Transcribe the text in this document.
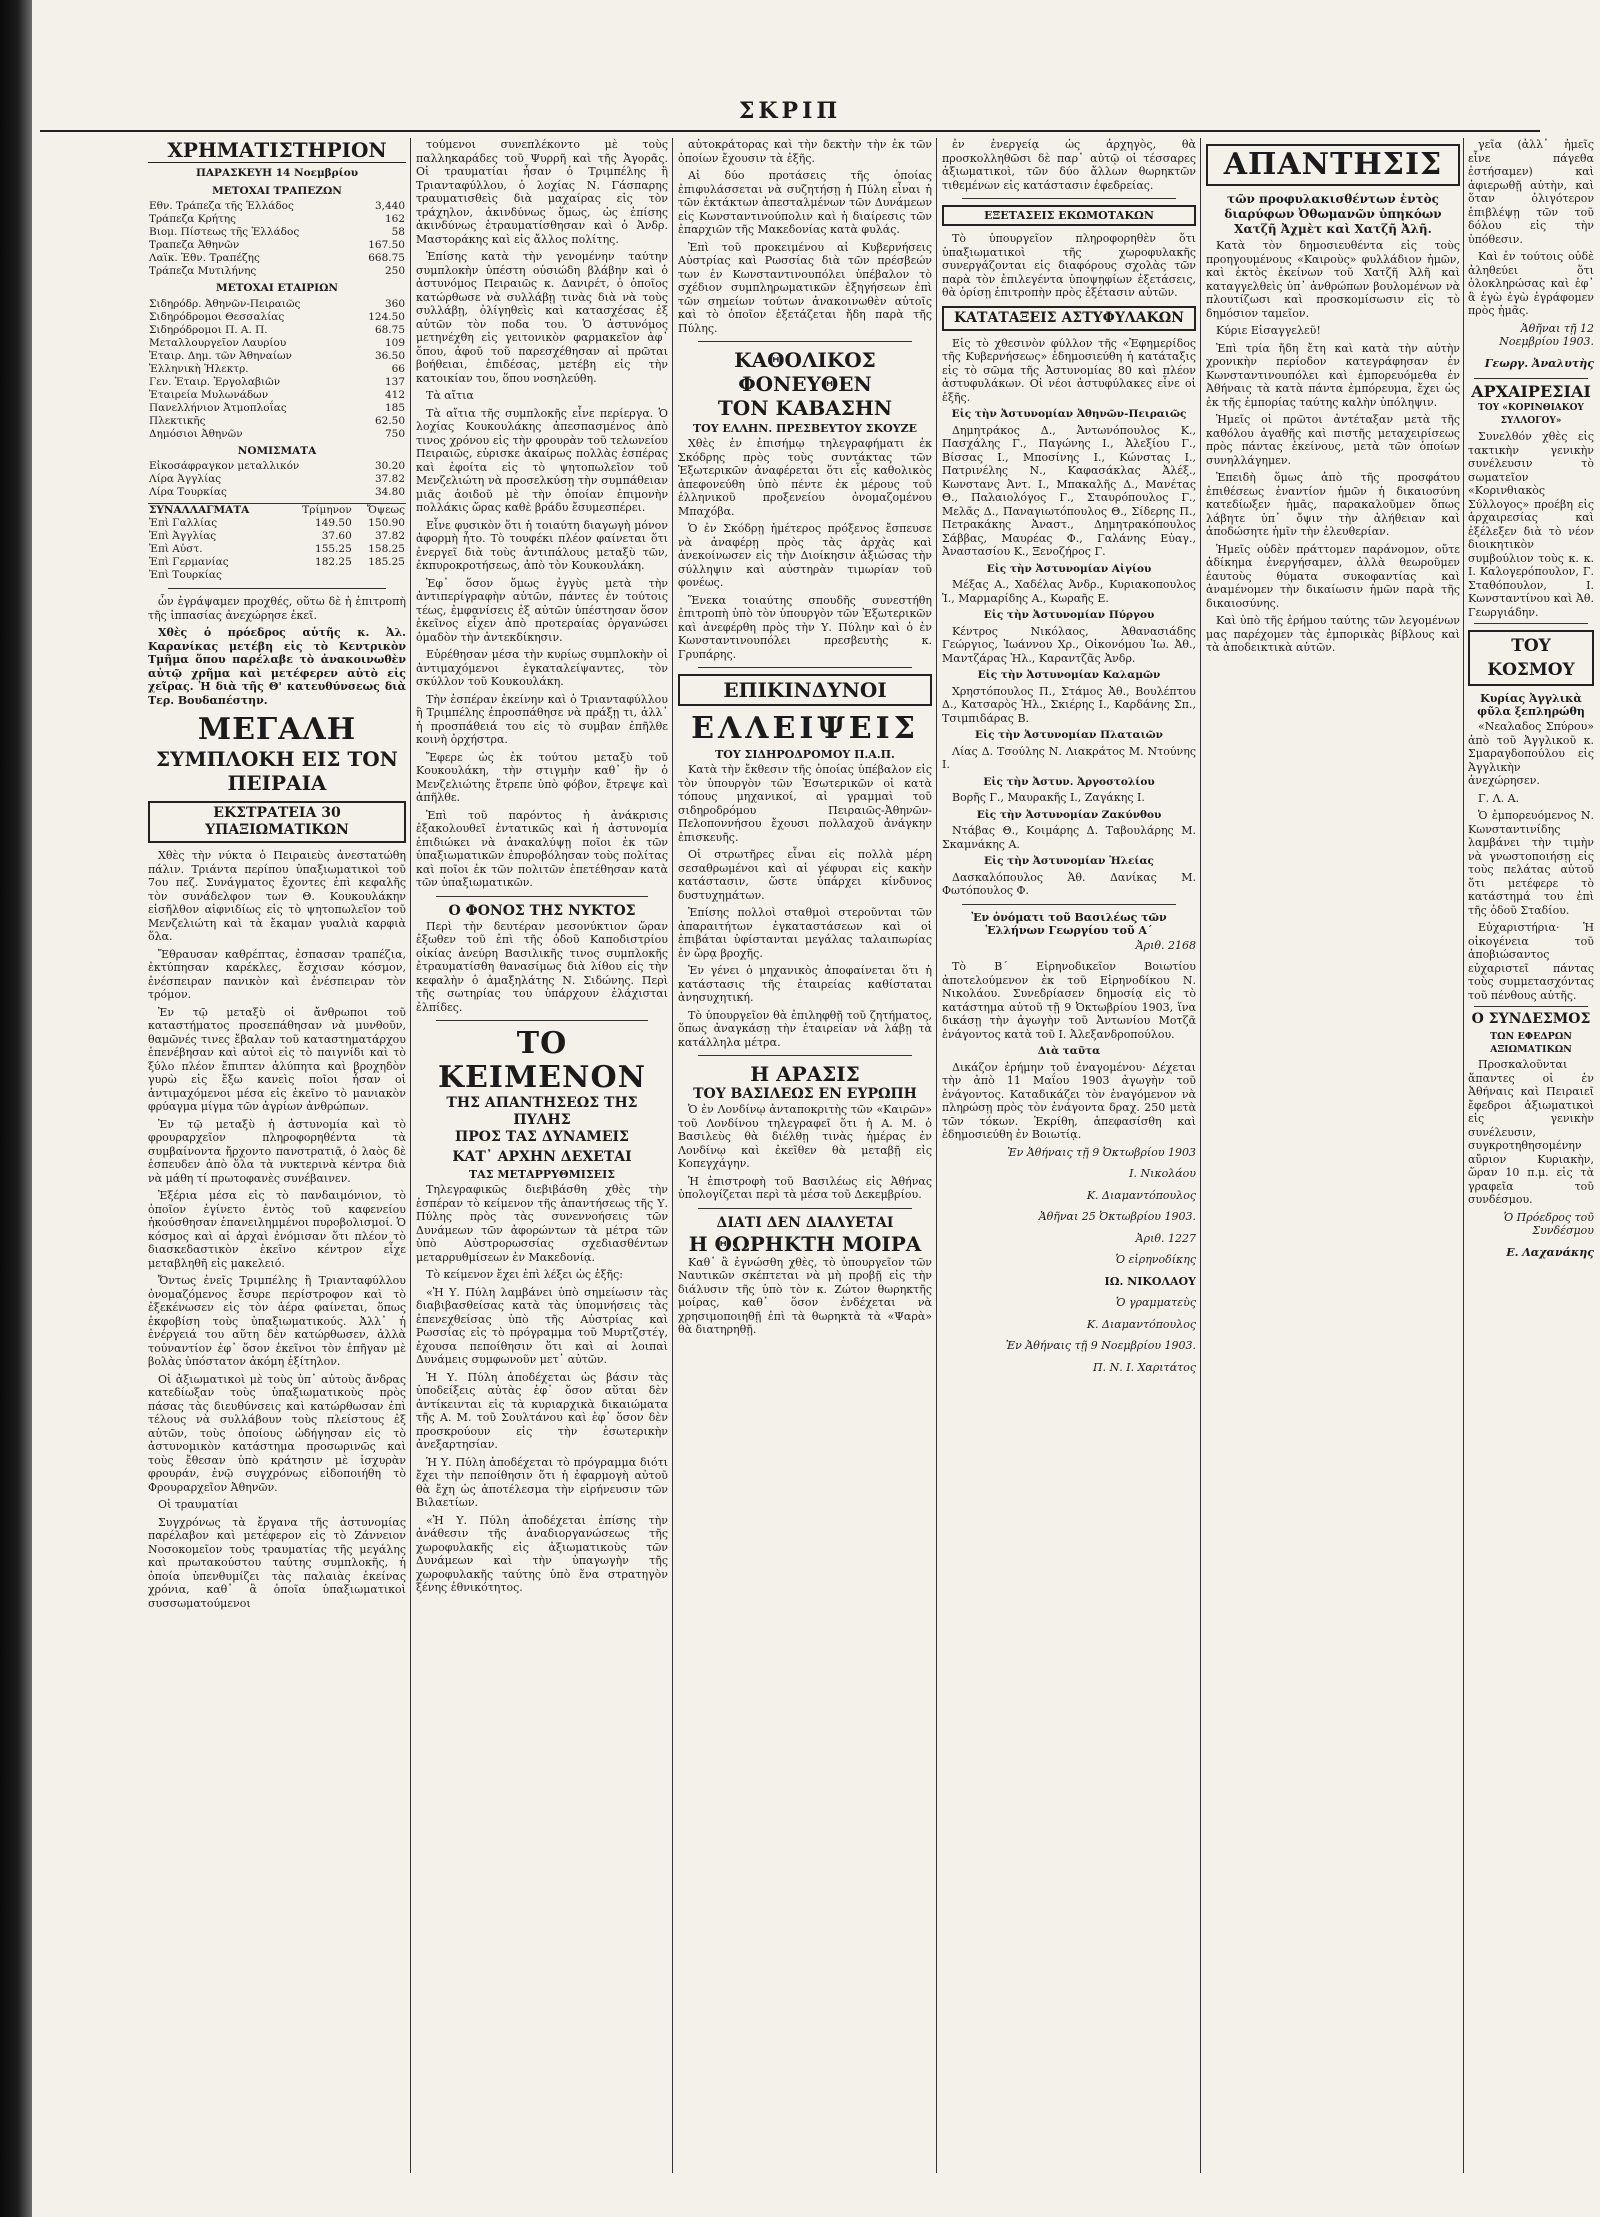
ΣΚΡΙΠ
ΧΡΗΜΑΤΙΣΤΗΡΙΟΝ
ΠΑΡΑΣΚΕΥΗ 14 Νοεμβρίου
ΜΕΤΟΧΑΙ ΤΡΑΠΕΖΩΝ
Εθν. Τράπεζα τῆς Ἑλλάδος	3,440
Τράπεζα Κρήτης	162
Βιομ. Πίστεως τῆς Ἑλλάδος	58
Τραπεζα Ἀθηνῶν	167.50
Λαϊκ. Ἐθν. Τραπέζης	668.75
Τράπεζα Μυτιλήνης	250
ΜΕΤΟΧΑΙ ΕΤΑΙΡΙΩΝ
Σιδηρόδρ. Ἀθηνῶν-Πειραιῶς	360
Σιδηρόδρομοι Θεσσαλίας	124.50
Σιδηρόδρομοι Π. Α. Π.	68.75
Μεταλλουργεῖον Λαυρίου	109
Ἑταιρ. Δημ. τῶν Ἀθηναίων	36.50
Ἑλληνικὴ Ἠλεκτρ.	66
Γεν. Ἑταιρ. Ἐργολαβιῶν	137
Ἑταιρεία Μυλωνάδων	412
Πανελλήνιον Ἀτμοπλοΐας	185
Πλεκτικῆς	62.50
Δημόσιοι Ἀθηνῶν	750
ΝΟΜΙΣΜΑΤΑ
Εἰκοσάφραγκον μεταλλικόν	30.20
Λίρα Ἀγγλίας	37.82
Λίρα Τουρκίας	34.80
ΣΥΝΑΛΛΑΓΜΑΤΑ	Τρίμηνον	Ὄψεως
Ἐπὶ Γαλλίας	149.50	150.90
Ἐπὶ Ἀγγλίας	37.60	37.82
Ἐπὶ Αὐστ.	155.25	158.25
Ἐπὶ Γερμανίας	182.25	185.25
Ἐπὶ Τουρκίας		

ὧν ἐγράψαμεν προχθές, οὕτω δὲ ἡ ἐπιτροπὴ τῆς ἱππασίας ἀνεχώρησε ἐκεῖ.

Χθὲς ὁ πρόεδρος αὐτῆς κ. Ἀλ. Καρανίκας μετέβη εἰς τὸ Κεντρικὸν Τμῆμα ὅπου παρέλαβε τὸ ἀνακοινωθὲν αὐτῷ χρῆμα καὶ μετέφερεν αὐτὸ εἰς χεῖρας. Ἡ διὰ τῆς Θ' κατευθύνσεως διὰ Τερ. Βουδαπέστην.

ΜΕΓΑΛΗ
ΣΥΜΠΛΟΚΗ ΕΙΣ ΤΟΝ ΠΕΙΡΑΙΑ
ΕΚΣΤΡΑΤΕΙΑ 30 ΥΠΑΞΙΩΜΑΤΙΚΩΝ

Χθὲς τὴν νύκτα ὁ Πειραιεὺς ἀνεστατώθη πάλιν. Τριάντα περίπου ὑπαξιωματικοὶ τοῦ 7ου πεζ. Συνάγματος ἔχοντες ἐπὶ κεφαλῆς τὸν συνάδελφον των Θ. Κουκουλάκην εἰσῆλθον αἰφνιδίως εἰς τὸ ψητοπωλεῖον τοῦ Μενζελιώτη καὶ τὰ ἔκαμαν γυαλιὰ καρφιὰ ὅλα.

Ἔθραυσαν καθρέπτας, ἐσπασαν τραπέζια, ἐκτύπησαν καρέκλες, ἔσχισαν κόσμον, ἐνέσπειραν πανικὸν καὶ ἐνέσπειραν τὸν τρόμον.

Ἐν τῷ μεταξὺ οἱ ἄνθρωποι τοῦ καταστήματος προσεπάθησαν νὰ μυνθοῦν, θαμῶνές τινες ἔβαλαν τοῦ καταστηματάρχου ἐπενέβησαν καὶ αὐτοὶ εἰς τὸ παιγνίδι καὶ τὸ ξύλο πλέον ἔπιπτεν ἀλύπητα καὶ βροχηδὸν γυρὼ εἰς ἔξω κανεὶς ποῖοι ἦσαν οἱ ἀντιμαχόμενοι μέσα εἰς ἐκεῖνο τὸ μανιακὸν φρύαγμα μίγμα τῶν ἀγρίων ἀνθρώπων.

Ἐν τῷ μεταξὺ ἡ ἀστυνομία καὶ τὸ φρουραρχεῖον πληροφορηθέντα τὰ συμβαίνοντα ἤρχοντο πανστρατιᾷ, ὁ λαὸς δὲ ἐσπευδεν ἀπὸ ὅλα τὰ νυκτερινὰ κέντρα διὰ νὰ μάθη τί πρωτοφανὲς συνέβαινεν.

Ἐξέρια μέσα εἰς τὸ πανδαιμόνιον, τὸ ὁποῖον ἐγίνετο ἐντὸς τοῦ καφενείου ἠκούσθησαν ἐπανειλημμένοι πυροβολισμοί. Ὁ κόσμος καὶ αἱ ἀρχαὶ ἐνόμισαν ὅτι πλέον τὸ διασκεδαστικὸν ἐκεῖνο κέντρον εἶχε μεταβληθῆ εἰς μακελειό.

Ὄντως ἐνεῖς Τριμπέλης ἢ Τριανταφύλλου ὀνομαζόμενος ἔσυρε περίστροφον καὶ τὸ ἐξεκένωσεν εἰς τὸν ἀέρα φαίνεται, ὅπως ἐκφοβίση τοὺς ὑπαξιωματικούς. Ἀλλ᾽ ἡ ἐνέργειά του αὕτη δὲν κατώρθωσεν, ἀλλὰ τοὐναντίον ἐφ᾽ ὅσον ἐκεῖνοι τὸν ἐπῆγαν μὲ βολὰς ὑπόστατον ἀκόμη ἐξίτηλον.

Οἱ ἀξιωματικοὶ μὲ τοὺς ὑπ᾽ αὐτοὺς ἄνδρας κατεδίωξαν τοὺς ὑπαξιωματικοὺς πρὸς πάσας τὰς διευθύνσεις καὶ κατώρθωσαν ἐπὶ τέλους νὰ συλλάβουν τοὺς πλείστους ἐξ αὐτῶν, τοὺς ὁποίους ὡδήγησαν εἰς τὸ ἀστυνομικὸν κατάστημα προσωρινῶς καὶ τοὺς ἔθεσαν ὑπὸ κράτησιν μὲ ἰσχυρὰν φρουράν, ἐνῷ συγχρόνως εἰδοποιήθη τὸ Φρουραρχεῖον Ἀθηνῶν.

Οἱ τραυματίαι

Συγχρόνως τὰ ἔργανα τῆς ἀστυνομίας παρέλαβον καὶ μετέφερον εἰς τὸ Ζάννειον Νοσοκομεῖον τοὺς τραυματίας τῆς μεγάλης καὶ πρωτακούστου ταύτης συμπλοκῆς, ἡ ὁποία ὑπενθυμίζει τὰς παλαιὰς ἐκείνας χρόνια, καθ᾽ ἃ ὁποῖα ὑπαξιωματικοὶ συσσωματούμενοι

τούμενοι συνεπλέκοντο μὲ τοὺς παλληκαράδες τοῦ Ψυρρῆ καὶ τῆς Ἀγορᾶς. Οἱ τραυματίαι ἦσαν ὁ Τριμπέλης ἢ Τριανταφύλλου, ὁ λοχίας Ν. Γάσπαρης τραυματισθεὶς διὰ μαχαίρας εἰς τὸν τράχηλον, ἀκινδύνως ὅμως, ὡς ἐπίσης ἀκινδύνως ἐτραυματίσθησαν καὶ ὁ Ἀνδρ. Μαστοράκης καὶ εἰς ἄλλος πολίτης.

Ἐπίσης κατὰ τὴν γενομένην ταύτην συμπλοκὴν ὑπέστη οὐσιώδη βλάβην καὶ ὁ ἀστυνόμος Πειραιῶς κ. Δανιρέτ, ὁ ὁποῖος κατώρθωσε νὰ συλλάβῃ τινὰς διὰ νὰ τοὺς συλλάβῃ, ὀλίγηθεὶς καὶ κατασχέσας ἐξ αὐτῶν τὸν ποδα του. Ὁ ἀστυνόμος μετηνέχθη εἰς γειτονικὸν φαρμακεῖον ἀφ᾽ ὅπου, ἀφοῦ τοῦ παρεσχέθησαν αἱ πρῶται βοήθειαι, ἐπιδέσας, μετέβη εἰς τὴν κατοικίαν του, ὅπου νοσηλεύθη.

Τὰ αἴτια

Τὰ αἴτια τῆς συμπλοκῆς εἶνε περίεργα. Ὁ λοχίας Κουκουλάκης ἀπεσπασμένος ἀπὸ τινος χρόνου εἰς τὴν φρουρὰν τοῦ τελωνείου Πειραιῶς, εὑρισκε ἀκαίρως πολλὰς ἐσπέρας καὶ ἐφοίτα εἰς τὸ ψητοπωλεῖον τοῦ Μενζελιώτη νὰ προσελκύσῃ τὴν συμπάθειαν μιᾶς ἀοιδοῦ μὲ τὴν ὁποίαν ἐπιμονὴν πολλάκις ὥρας καθὲ βράδυ ἔσυμεσπέρει.

Εἶνε φυσικὸν ὅτι ἡ τοιαύτη διαγωγὴ μόνον ἀφορμὴ ἦτο. Τὸ τουφέκι πλέον φαίνεται ὅτι ἐνεργεῖ διὰ τοὺς ἀντιπάλους μεταξὺ τῶν, ἐκπυροκροτήσεως, ἀπὸ τὸν Κουκουλάκη.

Ἐφ᾽ ὅσον ὅμως ἐγγὺς μετὰ τὴν ἀντιπερίγραφὴν αὐτῶν, πάντες ἐν τούτοις τέως, ἐμφανίσεις ἐξ αὐτῶν ὑπέστησαν ὅσον ἐκεῖνος εἶχεν ἀπὸ προτεραίας ὀργανώσει ὁμαδὸν τὴν ἀντεκδίκησιν.

Εὑρέθησαν μέσα τὴν κυρίως συμπλοκὴν οἱ ἀντιμαχόμενοι ἐγκαταλείψαντες, τὸν σκύλλον τοῦ Κουκουλάκη.

Τὴν ἐσπέραν ἐκείνην καὶ ὁ Τριανταφύλλου ἢ Τριμπέλης ἐπροσπάθησε νὰ πράξῃ τι, ἀλλ᾽ ἡ προσπάθειά του εἰς τὸ συμβαν ἐπῆλθε κοινὴ ὀρχήστρα.

Ἔφερε ὡς ἐκ τούτου μεταξὺ τοῦ Κουκουλάκη, τὴν στιγμὴν καθ᾽ ἣν ὁ Μενζελιώτης ἔτρεπε ὑπὸ φόβον, ἔτρεψε καὶ ἀπῆλθε.

Ἐπὶ τοῦ παρόντος ἡ ἀνάκρισις ἐξακολουθεῖ ἐντατικῶς καὶ ἡ ἀστυνομία ἐπιδιώκει νὰ ἀνακαλύψῃ ποῖοι ἐκ τῶν ὑπαξιωματικῶν ἐπυροβόλησαν τοὺς πολίτας καὶ ποῖοι ἐκ τῶν πολιτῶν ἐπετέθησαν κατὰ τῶν ὑπαξιωματικῶν.

Ο ΦΟΝΟΣ ΤΗΣ ΝΥΚΤΟΣ

Περὶ τὴν δευτέραν μεσονύκτιον ὥραν ἐξωθεν τοῦ ἐπὶ τῆς ὁδοῦ Καποδιστρίου οἰκίας ἀνεύρη Βασιλικῆς τινος συμπλοκῆς ἐτραυματίσθη θανασίμως διὰ λίθου εἰς τὴν κεφαλὴν ὁ ἀμαξηλάτης Ν. Σιδώνης. Περὶ τῆς σωτηρίας του ὑπάρχουν ἐλάχισται ἐλπίδες.

ΤΟ ΚΕΙΜΕΝΟΝ
ΤΗΣ ΑΠΑΝΤΗΣΕΩΣ ΤΗΣ ΠΥΛΗΣ
ΠΡΟΣ ΤΑΣ ΔΥΝΑΜΕΙΣ
ΚΑΤ᾽ ΑΡΧΗΝ ΔΕΧΕΤΑΙ
ΤΑΣ ΜΕΤΑΡΡΥΘΜΙΣΕΙΣ

Τηλεγραφικῶς διεβιβάσθη χθὲς τὴν ἑσπέραν τὸ κείμενον τῆς ἀπαντήσεως τῆς Υ. Πύλης πρὸς τὰς συνεννοήσεις τῶν Δυνάμεων τῶν ἀφορώντων τὰ μέτρα τῶν ὑπὸ Αὐστρορωσσίας σχεδιασθέντων μεταρρυθμίσεων ἐν Μακεδονίᾳ.

Τὸ κείμενον ἔχει ἐπὶ λέξει ὡς ἑξῆς:

«Ἡ Υ. Πύλη λαμβάνει ὑπὸ σημείωσιν τὰς διαβιβασθείσας κατὰ τὰς ὑπομνήσεις τὰς ἐπενεχθείσας ὑπὸ τῆς Αὐστρίας καὶ Ρωσσίας εἰς τὸ πρόγραμμα τοῦ Μυρτζστέγ, ἐχουσα πεποίθησιν ὅτι καὶ αἱ λοιπαὶ Δυνάμεις συμφωνοῦν μετ᾽ αὐτῶν.

Ἡ Υ. Πύλη ἀποδέχεται ὡς βάσιν τὰς ὑποδείξεις αὐτὰς ἐφ᾽ ὅσον αὕται δὲν ἀντίκεινται εἰς τὰ κυριαρχικὰ δικαιώματα τῆς Α. Μ. τοῦ Σουλτάνου καὶ ἐφ᾽ ὅσον δὲν προσκρούουν εἰς τὴν ἐσωτερικὴν ἀνεξαρτησίαν.

Ἡ Υ. Πύλη ἀποδέχεται τὸ πρόγραμμα διότι ἔχει τὴν πεποίθησιν ὅτι ἡ ἐφαρμογὴ αὐτοῦ θὰ ἔχη ὡς ἀποτέλεσμα τὴν εἰρήνευσιν τῶν Βιλαετίων.

«Ἡ Υ. Πύλη ἀποδέχεται ἐπίσης τὴν ἀνάθεσιν τῆς ἀναδιοργανώσεως τῆς χωροφυλακῆς εἰς ἀξιωματικοὺς τῶν Δυνάμεων καὶ τὴν ὑπαγωγὴν τῆς χωροφυλακῆς ταύτης ὑπὸ ἕνα στρατηγὸν ξένης ἐθνικότητος.

αὐτοκράτορας καὶ τὴν δεκτὴν τὴν ἐκ τῶν ὁποίων ἔχουσιν τὰ ἐξῆς.

Αἱ δύο προτάσεις τῆς ὁποίας ἐπιφυλάσσεται νὰ συζητήσῃ ἡ Πύλη εἶναι ἡ τῶν ἐκτάκτων ἀπεσταλμένων τῶν Δυνάμεων εἰς Κωνσταντινούπολιν καὶ ἡ διαίρεσις τῶν ἐπαρχιῶν τῆς Μακεδονίας κατὰ φυλάς.

Ἐπὶ τοῦ προκειμένου αἱ Κυβερνήσεις Αὐστρίας καὶ Ρωσσίας διὰ τῶν πρέσβεών των ἐν Κωνσταντινουπόλει ὑπέβαλον τὸ σχέδιον συμπληρωματικῶν ἐξηγήσεων ἐπὶ τῶν σημείων τούτων ἀνακοινωθὲν αὐτοῖς καὶ τὸ ὁποῖον ἐξετάζεται ἤδη παρὰ τῆς Πύλης.

ΚΑΘΟΛΙΚΟΣ ΦΟΝΕΥΘΕΝ
ΤΟΝ ΚΑΒΑΣΗΝ
ΤΟΥ ΕΛΛΗΝ. ΠΡΕΣΒΕΥΤΟΥ ΣΚΟΥΖΕ

Χθὲς ἐν ἐπισήμῳ τηλεγραφήματι ἐκ Σκόδρης πρὸς τοὺς συντάκτας τῶν Ἐξωτερικῶν ἀναφέρεται ὅτι εἷς καθολικὸς ἀπεφονεύθη ὑπὸ πέντε ἐκ μέρους τοῦ ἐλληνικοῦ προξενείου ὀνομαζομένου Μπαχόβα.

Ὁ ἐν Σκόδρῃ ἡμέτερος πρόξενος ἔσπευσε νὰ ἀναφέρῃ πρὸς τὰς ἀρχὰς καὶ ἀνεκοίνωσεν εἰς τὴν Διοίκησιν ἀξιώσας τὴν σύλληψιν καὶ αὐστηρὰν τιμωρίαν τοῦ φονέως.

Ἕνεκα τοιαύτης σπουδῆς συνεστήθη ἐπιτροπὴ ὑπὸ τὸν ὑπουργὸν τῶν Ἐξωτερικῶν καὶ ἀνεφέρθη πρὸς τὴν Υ. Πύλην καὶ ὁ ἐν Κωνσταντινουπόλει πρεσβευτὴς κ. Γρυπάρης.

ΕΠΙΚΙΝΔΥΝΟΙ
ΕΛΛΕΙΨΕΙΣ
ΤΟΥ ΣΙΔΗΡΟΔΡΟΜΟΥ Π.Α.Π.

Κατὰ τὴν ἔκθεσιν τῆς ὁποίας ὑπέβαλον εἰς τὸν ὑπουργὸν τῶν Ἐσωτερικῶν οἱ κατὰ τόπους μηχανικοί, αἱ γραμμαὶ τοῦ σιδηροδρόμου Πειραιῶς-Ἀθηνῶν-Πελοποννήσου ἔχουσι πολλαχοῦ ἀνάγκην ἐπισκευῆς.

Οἱ στρωτῆρες εἶναι εἰς πολλὰ μέρη σεσαθρωμένοι καὶ αἱ γέφυραι εἰς κακὴν κατάστασιν, ὥστε ὑπάρχει κίνδυνος δυστυχημάτων.

Ἐπίσης πολλοὶ σταθμοὶ στεροῦνται τῶν ἀπαραιτήτων ἐγκαταστάσεων καὶ οἱ ἐπιβάται ὑφίστανται μεγάλας ταλαιπωρίας ἐν ὥρᾳ βροχῆς.

Ἐν γένει ὁ μηχανικὸς ἀποφαίνεται ὅτι ἡ κατάστασις τῆς ἐταιρείας καθίσταται ἀνησυχητική.

Τὸ ὑπουργεῖον θὰ ἐπιληφθῇ τοῦ ζητήματος, ὅπως ἀναγκάσῃ τὴν ἑταιρείαν νὰ λάβῃ τὰ κατάλληλα μέτρα.

Η ΑΡΑΣΙΣ
ΤΟΥ ΒΑΣΙΛΕΩΣ ΕΝ ΕΥΡΩΠΗ

Ὁ ἐν Λονδίνῳ ἀνταποκριτὴς τῶν «Καιρῶν» τοῦ Λονδίνου τηλεγραφεῖ ὅτι ἡ Α. Μ. ὁ Βασιλεὺς θὰ διέλθῃ τινὰς ἡμέρας ἐν Λονδίνῳ καὶ ἐκεῖθεν θὰ μεταβῇ εἰς Κοπεγχάγην.

Ἡ ἐπιστροφὴ τοῦ Βασιλέως εἰς Ἀθήνας ὑπολογίζεται περὶ τὰ μέσα τοῦ Δεκεμβρίου.

ΔΙΑΤΙ ΔΕΝ ΔΙΑΛΥΕΤΑΙ
Η ΘΩΡΗΚΤΗ ΜΟΙΡΑ

Καθ᾽ ἃ ἐγνώσθη χθὲς, τὸ ὑπουργεῖον τῶν Ναυτικῶν σκέπτεται νὰ μὴ προβῇ εἰς τὴν διάλυσιν τῆς ὑπὸ τὸν κ. Ζώτον θωρηκτῆς μοίρας, καθ᾽ ὅσον ἐνδέχεται νὰ χρησιμοποιηθῇ ἐπὶ τὰ θωρηκτὰ τὰ «Ψαρὰ» θὰ διατηρηθῇ.

ἐν ἐνεργείᾳ ὡς ἀρχηγὸς, θὰ προσκολληθῶσι δὲ παρ᾽ αὐτῷ οἱ τέσσαρες ἀξιωματικοὶ, τῶν δύο ἄλλων θωρηκτῶν τιθεμένων εἰς κατάστασιν ἐφεδρείας.

ΕΞΕΤΑΣΕΙΣ ΕΚΩΜΟΤΑΚΩΝ

Τὸ ὑπουργεῖον πληροφορηθὲν ὅτι ὑπαξιωματικοὶ τῆς χωροφυλακῆς συνεργάζονται εἰς διαφόρους σχολὰς τῶν παρὰ τὸν ἐπιλεγέντα ὑποψηφίων ἐξετάσεις, θὰ ὁρίσῃ ἐπιτροπὴν πρὸς ἐξέτασιν αὐτῶν.

ΚΑΤΑΤΑΞΕΙΣ ΑΣΤΥΦΥΛΑΚΩΝ

Εἰς τὸ χθεσινὸν φύλλον τῆς «Ἐφημερίδος τῆς Κυβερνήσεως» ἐδημοσιεύθη ἡ κατάταξις εἰς τὸ σῶμα τῆς Ἀστυνομίας 80 καὶ πλέον ἀστυφυλάκων. Οἱ νέοι ἀστυφύλακες εἶνε οἱ ἑξῆς.

Εἰς τὴν Ἀστυνομίαν Ἀθηνῶν-Πειραιῶς

Δημητράκος Δ., Ἀντωνόπουλος Κ., Πασχάλης Γ., Παγώνης Ι., Ἀλεξίου Γ., Βίσσας Ι., Μποσίνης Ι., Κώνστας Ι., Πατρινέλης Ν., Καφασάκλας Ἀλέξ., Κωνστανς Ἀντ. Ι., Μπακαλῆς Δ., Μανέτας Θ., Παλαιολόγος Γ., Σταυρόπουλος Γ., Μελᾶς Δ., Παναγιωτόπουλος Θ., Σίδερης Π., Πετρακάκης Ἀναστ., Δημητρακόπουλος Σάββας, Μαυρέας Φ., Γαλάνης Εὐαγ., Ἀναστασίου Κ., Ξενοζήρος Γ.

Εἰς τὴν Ἀστυνομίαν Αἰγίου

Μέξας Α., Χαδέλας Ἀνδρ., Κυριακοπουλος Ἰ., Μαρμαρίδης Α., Κωραῆς Ε.

Εἰς τὴν Ἀστυνομίαν Πύργου

Κέντρος Νικόλαος, Ἀθανασιάδης Γεώργιος, Ἰωάννου Χρ., Οἰκονόμου Ἰω. Ἀθ., Μαντζάρας Ἠλ., Καραντζᾶς Ἀνδρ.

Εἰς τὴν Ἀστυνομίαν Καλαμῶν

Χρηστόπουλος Π., Στάμος Ἀθ., Βουλέπτου Δ., Κατσαρὸς Ἠλ., Σκιέρης Ι., Καρδάνης Σπ., Τσιμπιδάρας Β.

Εἰς τὴν Ἀστυνομίαν Πλαταιῶν

Λίας Δ. Τσούλης Ν. Λιακράτος Μ. Ντούνης Ι.

Εἰς τὴν Ἀστυν. Ἀργοστολίου

Βορῆς Γ., Μαυρακῆς Ι., Ζαγάκης Ι.

Εἰς τὴν Ἀστυνομίαν Ζακύνθου

Ντάβας Θ., Κοιμάρης Δ. Ταβουλάρης Μ. Σκαμνάκης Α.

Εἰς τὴν Ἀστυνομίαν Ἠλείας

Δασκαλόπουλος Ἀθ. Δανίκας Μ. Φωτόπουλος Φ.

Ἐν ὀνόματι τοῦ Βασιλέως τῶν Ἑλλήνων Γεωργίου τοῦ Α΄
Ἀριθ. 2168

Τὸ Β΄ Εἰρηνοδικεῖον Βοιωτίου ἀποτελούμενον ἐκ τοῦ Εἰρηνοδίκου Ν. Νικολάου. Συνεδρίασεν δημοσίᾳ εἰς τὸ κατάστημα αὐτοῦ τῇ 9 Ὀκτωβρίου 1903, ἵνα δικάσῃ τὴν ἀγωγὴν τοῦ Ἀντωνίου Μοτζᾶ ἐνάγοντος κατὰ τοῦ Ι. Ἀλεξανδροπούλου.

Διὰ ταῦτα

Δικάζον ἐρήμην τοῦ ἐναγομένου· Δέχεται τὴν ἀπὸ 11 Μαΐου 1903 ἀγωγὴν τοῦ ἐνάγοντος. Καταδικάζει τὸν ἐναγόμενον νὰ πληρώσῃ πρὸς τὸν ἐνάγοντα δραχ. 250 μετὰ τῶν τόκων. Ἐκρίθη, ἀπεφασίσθη καὶ ἐδημοσιεύθη ἐν Βοιωτίᾳ.

Ἐν Ἀθήναις τῇ 9 Ὀκτωβρίου 1903
Ι. Νικολάου
Κ. Διαμαντόπουλος
Ἀθῆναι 25 Ὀκτωβρίου 1903.
Ἀριθ. 1227
Ὁ εἰρηνοδίκης
ΙΩ. ΝΙΚΟΛΑΟΥ
Ὁ γραμματεὺς
Κ. Διαμαντόπουλος
Ἐν Ἀθήναις τῇ 9 Νοεμβρίου 1903.
Π. Ν. Ι. Χαριτάτος
ΑΠΑΝΤΗΣΙΣ
τῶν προφυλακισθέντων ἐντὸς διαρύφων Ὀθωμανῶν ὑπηκόων Χατζῆ Ἀχμὲτ καὶ Χατζῆ Ἀλῆ.

Κατὰ τὸν δημοσιευθέντα εἰς τοὺς προηγουμένους «Καιροὺς» φυλλάδιον ἡμῶν, καὶ ἐκτὸς ἐκείνων τοῦ Χατζῆ Ἀλῆ καὶ καταγγελθεὶς ὑπ᾽ ἀνθρώπων βουλομένων νὰ πλουτίζωσι καὶ προσκομίσωσιν εἰς τὸ δημόσιον ταμεῖον.

Κύριε Εἰσαγγελεῦ!

Ἐπὶ τρία ἤδη ἔτη καὶ κατὰ τὴν αὐτὴν χρονικὴν περίοδον κατεγράφησαν ἐν Κωνσταντινουπόλει καὶ ἐμπορευόμεθα ἐν Ἀθήναις τὰ κατὰ πάντα ἐμπόρευμα, ἔχει ὡς ἐκ τῆς ἐμπορίας ταύτης καλὴν ὑπόληψιν.

Ἡμεῖς οἱ πρῶτοι ἀντέταξαν μετὰ τῆς καθόλου ἀγαθῆς καὶ πιστῆς μεταχειρίσεως πρὸς πάντας ἐκείνους, μετὰ τῶν ὁποίων συνηλλάγημεν.

Ἐπειδὴ ὅμως ἀπὸ τῆς προσφάτου ἐπιθέσεως ἐναντίον ἡμῶν ἡ δικαιοσύνη κατεδίωξεν ἡμᾶς, παρακαλοῦμεν ὅπως λάβητε ὑπ᾽ ὄψιν τὴν ἀλήθειαν καὶ ἀποδώσητε ἡμῖν τὴν ἐλευθερίαν.

Ἡμεῖς οὐδὲν πράττομεν παράνομον, οὔτε ἀδίκημα ἐνεργήσαμεν, ἀλλὰ θεωροῦμεν ἑαυτοὺς θύματα συκοφαντίας καὶ ἀναμένομεν τὴν δικαίωσιν ἡμῶν παρὰ τῆς δικαιοσύνης.

Καὶ ὑπὸ τῆς ἐρήμου ταύτης τῶν λεγομένων μας παρέχομεν τὰς ἐμπορικὰς βίβλους καὶ τὰ ἀποδεικτικὰ αὐτῶν.

γεῖα (ἀλλ᾽ ἡμεῖς εἶνε πάγεθα ἐστήσαμεν) καὶ ἀφιερωθῇ αὐτὴν, καὶ ὅταν ὀλιγότερον ἐπιβλέψῃ τῶν τοῦ δόλου εἰς τὴν ὑπόθεσιν.

Καὶ ἐν τούτοις οὐδὲ ἀληθεύει ὅτι ὀλοκληρώσας καὶ ἐφ᾽ ἃ ἐγὼ ἐγὼ ἐγράφομεν πρὸς ἡμᾶς.

Ἀθῆναι τῇ 12 Νοεμβρίου 1903.
Γεωργ. Ἀναλυτὴς
ΑΡΧΑΙΡΕΣΙΑΙ
ΤΟΥ «ΚΟΡΙΝΘΙΑΚΟΥ ΣΥΛΛΟΓΟΥ»

Συνελθόν χθὲς εἰς τακτικὴν γενικὴν συνέλευσιν τὸ σωματεῖον «Κορινθιακὸς Σύλλογος» προέβη εἰς ἀρχαιρεσίας καὶ ἐξέλεξεν διὰ τὸ νέον διοικητικὸν συμβούλιον τοὺς κ. κ. Ι. Καλογερόπουλον, Γ. Σταθόπουλον, Ι. Κωνσταντίνου καὶ Ἀθ. Γεωργιάδην.

ΤΟΥ ΚΟΣΜΟΥ
Κυρίας Ἀγγλικὰ φῦλα ξεπληρώθη

«Νεαλαδος Σπύρου» ἀπὸ τοῦ Ἀγγλικοῦ κ. Σμαραγδοπούλου εἰς Ἀγγλικὴν ἀνεχώρησεν.

Γ. Λ. Α.

Ὁ ἐμπορευόμενος Ν. Κωνσταντινίδης λαμβάνει τὴν τιμὴν νὰ γνωστοποιήσῃ εἰς τοὺς πελάτας αὐτοῦ ὅτι μετέφερε τὸ κατάστημά του ἐπὶ τῆς ὁδοῦ Σταδίου.

Εὐχαριστήρια· Ἡ οἰκογένεια τοῦ ἀποβιώσαντος εὐχαριστεῖ πάντας τοὺς συμμετασχόντας τοῦ πένθους αὐτῆς.

Ο ΣΥΝΔΕΣΜΟΣ
ΤΩΝ ΕΦΕΔΡΩΝ ΑΞΙΩΜΑΤΙΚΩΝ

Προσκαλοῦνται ἅπαντες οἱ ἐν Ἀθήναις καὶ Πειραιεῖ ἔφεδροι ἀξιωματικοὶ εἰς γενικὴν συνέλευσιν, συγκροτηθησομένην αὔριον Κυριακὴν, ὥραν 10 π.μ. εἰς τὰ γραφεῖα τοῦ συνδέσμου.

Ὁ Πρόεδρος τοῦ Συνδέσμου
Ε. Λαχανάκης
